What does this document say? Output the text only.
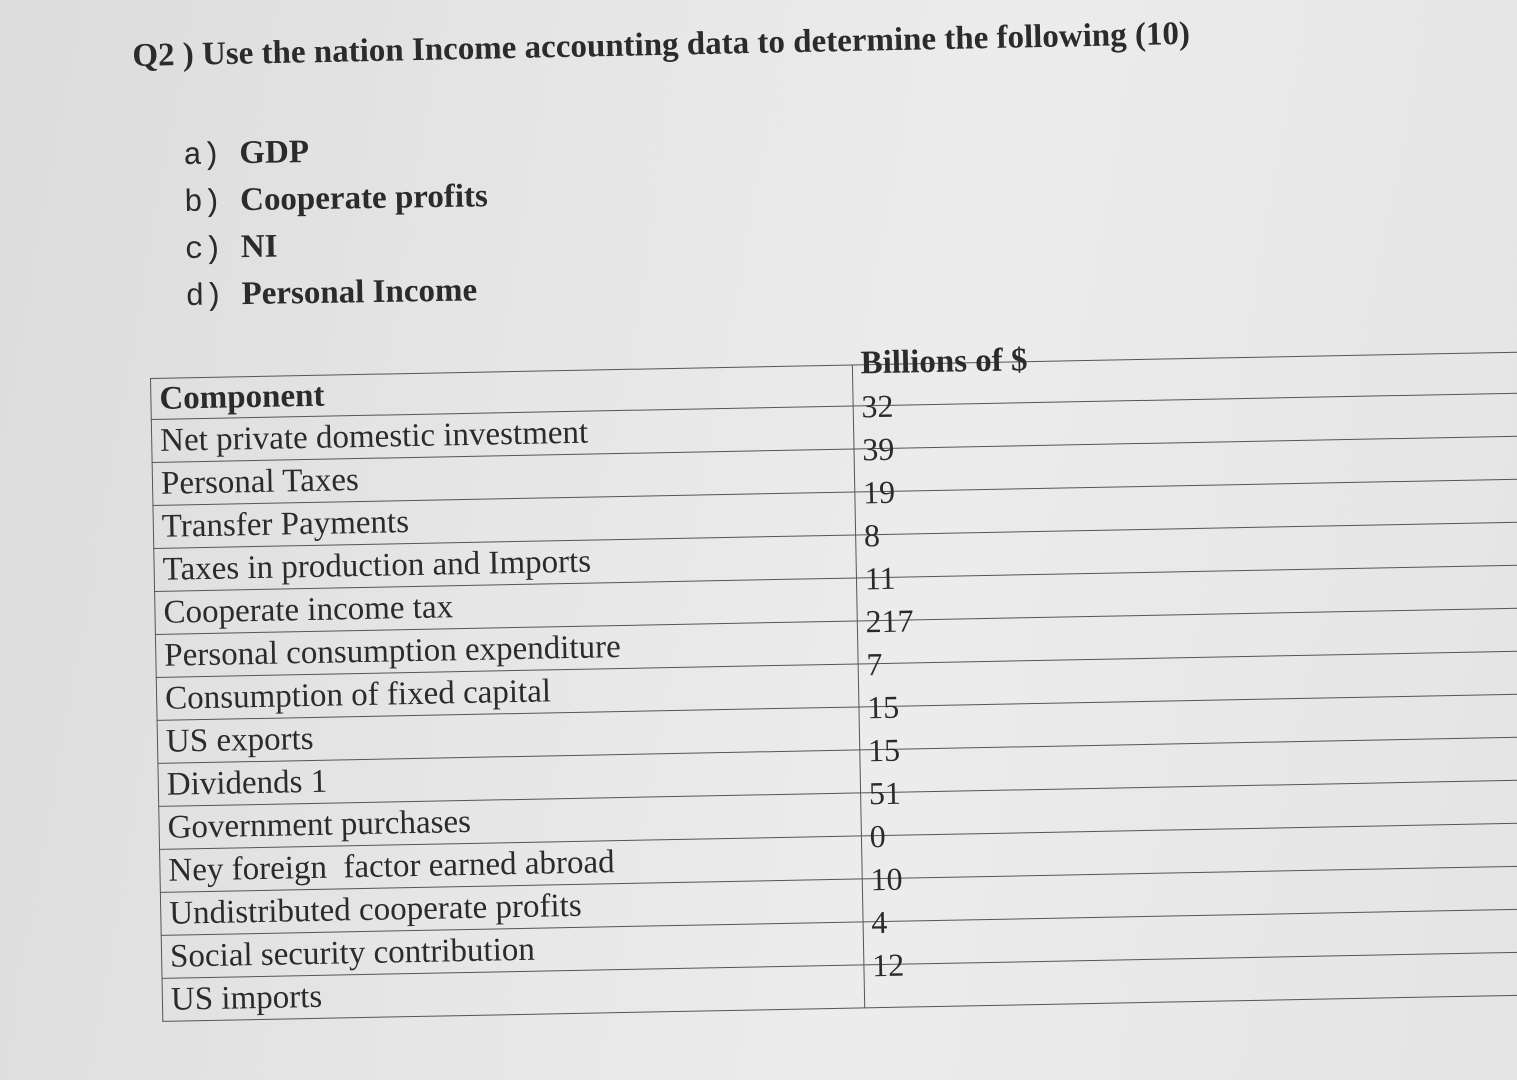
Q2 ) Use the nation Income accounting data to determine the following (10)
a) GDP
b) Cooperate profits
c) NI
d) Personal Income
Component	Billions of $
Net private domestic investment	32
Personal Taxes	39
Transfer Payments	19
Taxes in production and Imports	8
Cooperate income tax	11
Personal consumption expenditure	217
Consumption of fixed capital	7
US exports	15
Dividends 1	15
Government purchases	51
Ney foreign  factor earned abroad	0
Undistributed cooperate profits	10
Social security contribution	4
US imports	12
